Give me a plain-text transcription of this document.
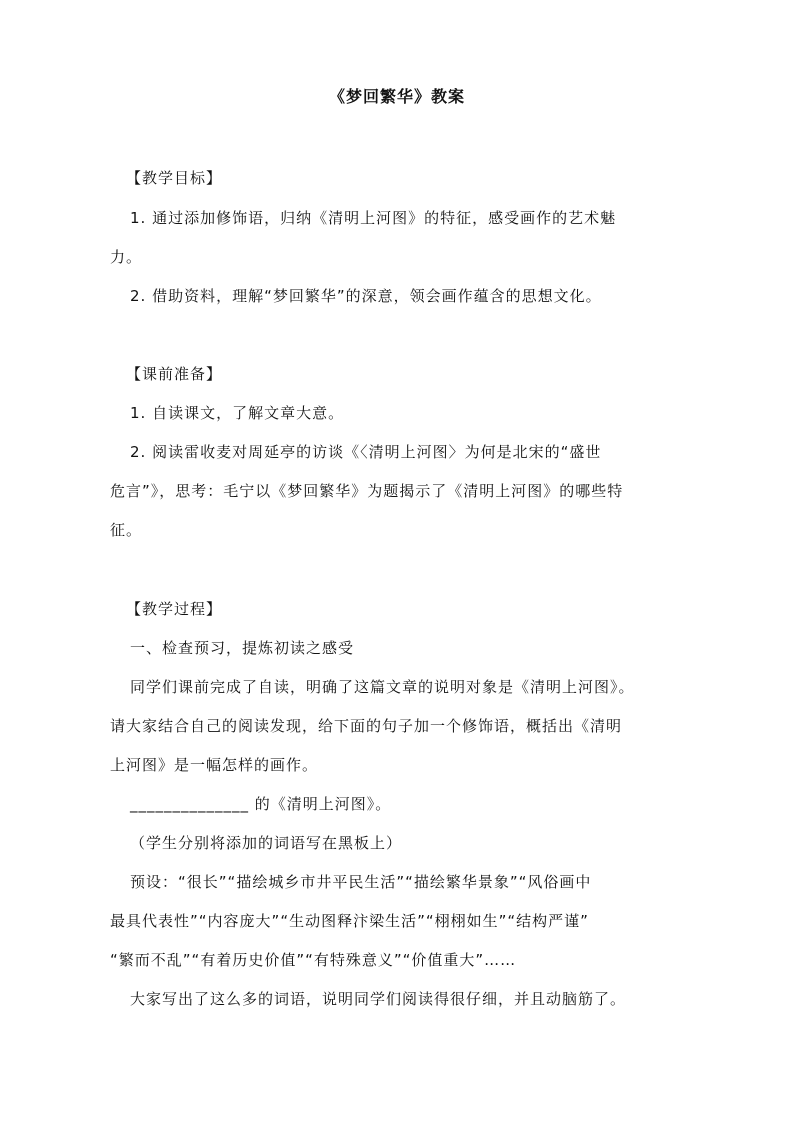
《梦回繁华》教案
【教学目标】
1. 通过添加修饰语，归纳《清明上河图》的特征，感受画作的艺术魅
力。
2. 借助资料，理解“梦回繁华”的深意，领会画作蕴含的思想文化。
【课前准备】
1. 自读课文，了解文章大意。
2. 阅读雷收麦对周延亭的访谈《〈清明上河图〉为何是北宋的“盛世
危言”》，思考：毛宁以《梦回繁华》为题揭示了《清明上河图》的哪些特
征。
【教学过程】
一、检查预习，提炼初读之感受
同学们课前完成了自读，明确了这篇文章的说明对象是《清明上河图》。
请大家结合自己的阅读发现，给下面的句子加一个修饰语，概括出《清明
上河图》是一幅怎样的画作。
______________ 的《清明上河图》。
（学生分别将添加的词语写在黑板上）
预设：“很长”“描绘城乡市井平民生活”“描绘繁华景象”“风俗画中
最具代表性”“内容庞大”“生动图释汴梁生活”“栩栩如生”“结构严谨”
“繁而不乱”“有着历史价值”“有特殊意义”“价值重大”……
大家写出了这么多的词语，说明同学们阅读得很仔细，并且动脑筋了。
